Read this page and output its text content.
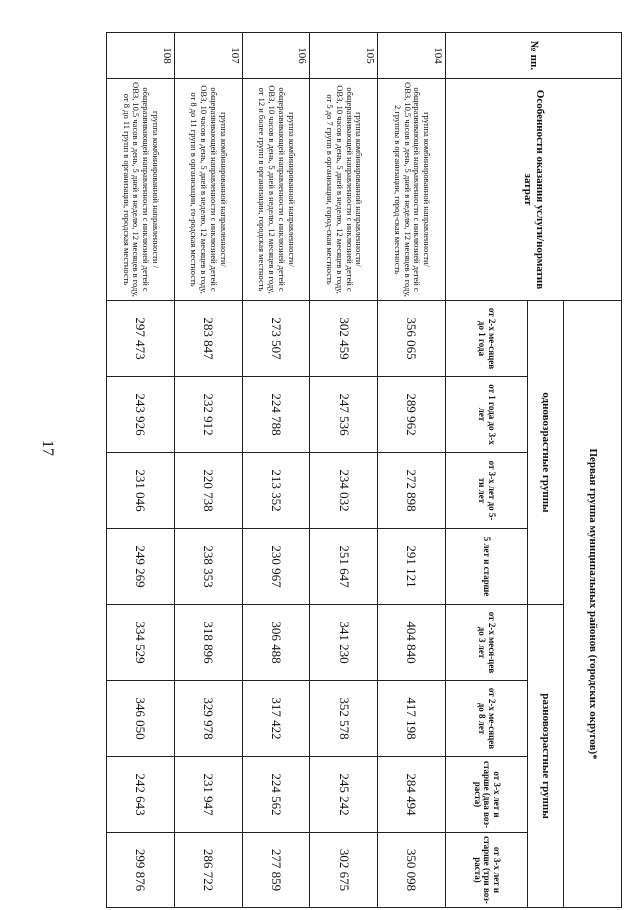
17
№ пп.	Особенности оказания услуги/норматив затрат	Первая группа муниципальных районов (городских округов)*							
		одновозрастные группы				разновозрастные группы			
		от 2-х ме-сяцев до 1 года	от 1 года до 3-х лет	от 3-х лет до 5-ти лет	5 лет и старше	от 2-х меся-цев до 3 лет	от 2-х ме-сяцев до 8 лет	от 3-х лет и старше (два воз-раста)	от 3-х лет и старше (три воз-раста)
104	группа комбинированной направленности/ общеразвивающей направленности с инклюзией детей с ОВЗ, 10,5 часов в день, 5 дней в неделю, 12 месяцев в году, 2 группы в организации, город-ская местность	356 065	289 962	272 898	291 121	404 840	417 198	284 494	350 098
105	группа комбинированной направленности/ общеразвивающей направленности с инклюзией детей с ОВЗ, 10 часов в день, 5 дней в неделю, 12 месяцев в году, от 5 до 7 групп в организации, город-ская местность	302 459	247 536	234 032	251 647	341 230	352 578	245 242	302 675
106	группа комбинированной направленности/ общеразвивающей направленности с инклюзией детей с ОВЗ, 10 часов в день, 5 дней в неделю, 12 месяцев в году, от 12 и более групп в организации, городская местность	273 507	224 788	213 352	230 967	306 488	317 422	224 562	277 859
107	группа комбинированной направленности/ общеразвивающей направленности с инклюзией детей с ОВЗ, 10 часов в день, 5 дней в неделю, 12 месяцев в году, от 8 до 11 групп в организации, го-родская местность	283 847	232 912	220 738	238 353	318 896	329 978	231 947	286 722
108	группа комбинированной направленности / общеразвивающей направленности с инклюзией детей с ОВЗ, 10,5 часов в день, 5 дней в неделю, 12 месяцев в году, от 8 до 11 групп в организации, городская местность	297 473	243 926	231 046	249 269	334 529	346 050	242 643	299 876
